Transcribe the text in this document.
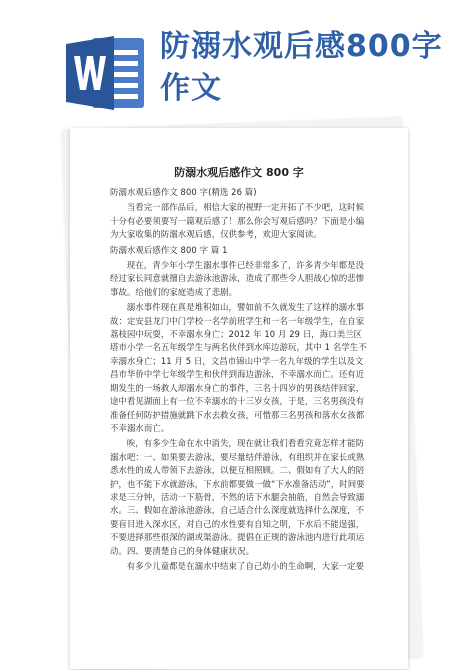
防溺水观后感800字作文
防溺水观后感作文 800 字

防溺水观后感作文 800 字(精选 26 篇)

当看完一部作品后，相信大家的视野一定开拓了不少吧，这时候十分有必要须要写一篇观后感了！那么你会写观后感吗？下面是小编为大家收集的防溺水观后感，仅供参考，欢迎大家阅读。

防溺水观后感作文 800 字 篇 1

现在，青少年小学生溺水事件已经非常多了，许多青少年都是没经过家长同意就擅自去游泳池游泳，造成了那些令人胆战心惊的悲惨事故。给他们的家庭造成了悲剧。

溺水事件现在真是堆积如山，譬如前不久就发生了这样的溺水事故：定安县龙门中门学校一名学前班学生和一名一年级学生，在自家荔枝园中玩耍，不幸溺水身亡；2012 年 10 月 29 日，海口美兰区塔市小学一名五年级学生与两名伙伴到水库边游玩，其中 1 名学生不幸溺水身亡；11 月 5 日，文昌市锦山中学一名九年级的学生以及文昌市华侨中学七年级学生和伙伴到海边游泳，不幸溺水而亡。还有近期发生的一场救人却溺水身亡的事件，三名十四岁的男孩结伴回家，途中看见湖面上有一位不幸溺水的十三岁女孩，于是，三名男孩没有准备任何防护措施就跳下水去救女孩，可惜那三名男孩和落水女孩都不幸溺水而亡。

唉，有多少生命在水中消失，现在就让我们看看究竟怎样才能防溺水吧：一、如果要去游泳，要尽量结伴游泳，有组织并在家长或熟悉水性的成人带领下去游泳，以便互相照顾。二、假如有了大人的陪护，也不能下水就游泳，下水前都要做一做“下水准备活动”，时间要求是三分钟，活动一下筋骨，不然的话下水腿会抽筋，自然会导致溺水。三、假如在游泳池游泳，自己适合什么深度就选择什么深度，不要盲目进入深水区，对自己的水性要有自知之明，下水后不能逞强，不要进择那些很深的湖或渠游泳。提倡在正规的游泳池内进行此项运动。四、要清楚自己的身体健康状况。

有多少儿童都是在溺水中结束了自己幼小的生命啊，大家一定要
